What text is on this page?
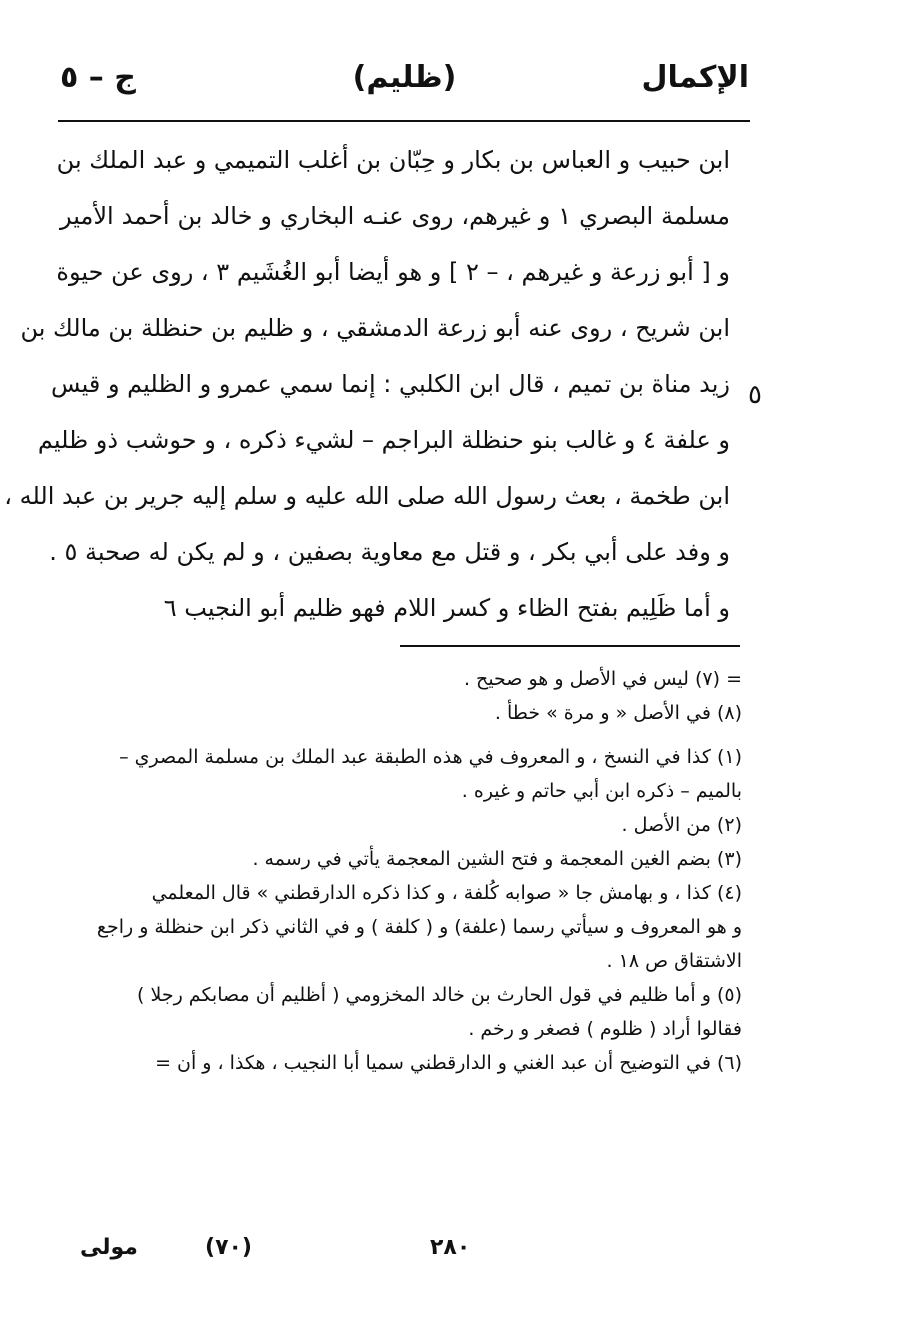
الإكمال
(ظليم)
ج – ٥
ابن حبيب و العباس بن بكار و حِبّان بن أغلب التميمي و عبد الملك بن
مسلمة البصري ١ و غيرهم، روى عنـه البخاري و خالد بن أحمد الأمير
و [ أبو زرعة و غيرهم ، – ٢ ] و هو أيضا أبو الغُشَيم ٣ ، روى عن حيوة
ابن شريح ، روى عنه أبو زرعة الدمشقي ، و ظليم بن حنظلة بن مالك بن
زيد مناة بن تميم ، قال ابن الكلبي : إنما سمي عمرو و الظليم و قيس
و علفة ٤ و غالب بنو حنظلة البراجم – لشيء ذكره ، و حوشب ذو ظليم
ابن طخمة ، بعث رسول الله صلى الله عليه و سلم إليه جرير بن عبد الله ،
و وفد على أبي بكر ، و قتل مع معاوية بصفين ، و لم يكن له صحبة ٥ .
و أما ظَلِيم بفتح الظاء و كسر اللام فهو ظليم أبو النجيب ٦
٥
= (٧) ليس في الأصل و هو صحيح .
(٨) في الأصل « و مرة » خطأ .
(١) كذا في النسخ ، و المعروف في هذه الطبقة عبد الملك بن مسلمة المصري –
بالميم – ذكره ابن أبي حاتم و غيره .
(٢) من الأصل .
(٣) بضم الغين المعجمة و فتح الشين المعجمة يأتي في رسمه .
(٤) كذا ، و بهامش جا « صوابه كُلفة ، و كذا ذكره الدارقطني » قال المعلمي
و هو المعروف و سيأتي رسما (علفة) و ( كلفة ) و في الثاني ذكر ابن حنظلة و راجع
الاشتقاق ص ١٨ .
(٥) و أما ظليم في قول الحارث بن خالد المخزومي ( أظليم أن مصابكم رجلا )
فقالوا أراد ( ظلوم ) فصغر و رخم .
(٦) في التوضيح أن عبد الغني و الدارقطني سميا أبا النجيب ، هكذا ، و أن =
٢٨٠
(٧٠)
مولى
